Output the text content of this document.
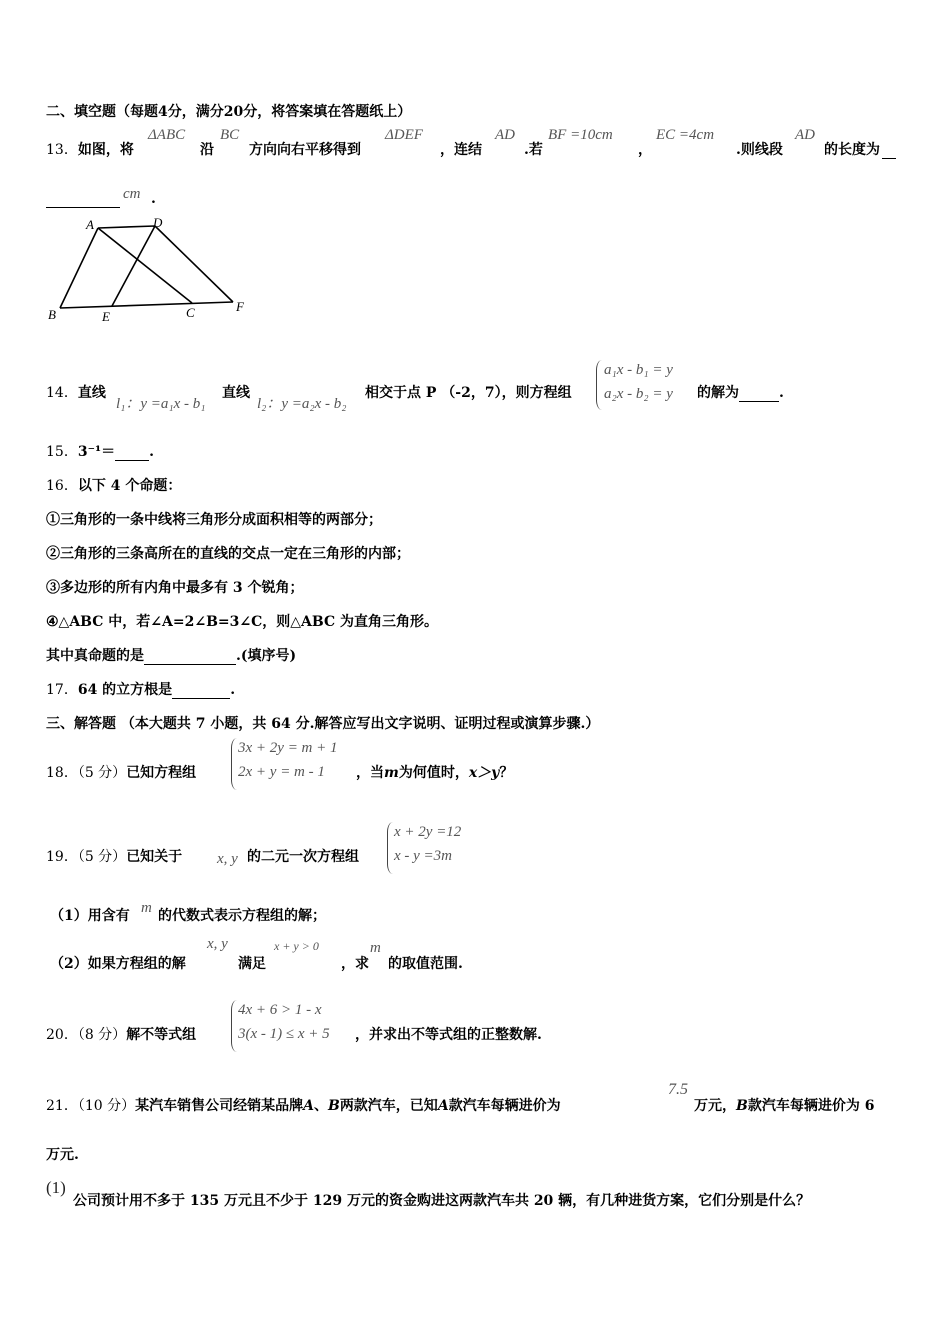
二、填空题（每题4分，满分20分，将答案填在答题纸上）
13．如图，将
ΔABC
沿
BC
方向向右平移得到
ΔDEF
，连结
AD
.若
BF =10cm
，
EC =4cm
.则线段
AD
的长度为
cm .
A	D
B	E	C	F
14．直线
l₁：y =a₁x - b₁
直线
l₂：y =a₂x - b₂
相交于点 P （-2，7），则方程组
a₁x - b₁ = y
a₂x - b₂ = y 的解为	.
15．3⁻¹＝ .
16．以下 4 个命题：
①三角形的一条中线将三角形分成面积相等的两部分；
②三角形的三条高所在的直线的交点一定在三角形的内部；
③多边形的所有内角中最多有 3 个锐角；
④△ABC 中，若∠A=2∠B=3∠C，则△ABC 为直角三角形。
其中真命题的是	.(填序号)
17．64 的立方根是	.
三、解答题 （本大题共 7 小题，共 64 分.解答应写出文字说明、证明过程或演算步骤.）
18．（5 分）已知方程组
3x + 2y = m + 1
2x + y = m - 1	，当m为何值时，x＞y？
19．（5 分）已知关于 x, y 的二元一次方程组
x + 2y =12
x - y =3m
（1）用含有 m 的代数式表示方程组的解；
（2）如果方程组的解
x, y
满足
x + y > 0
，求
m
的取值范围.
20．（8 分）解不等式组
4x + 6 > 1 - x
3(x - 1) ≤ x + 5 ，并求出不等式组的正整数解.
21．（10 分）某汽车销售公司经销某品牌A、B两款汽车，已知A款汽车每辆进价为
7.5
万元，B款汽车每辆进价为 6
万元.
(1)
公司预计用不多于 135 万元且不少于 129 万元的资金购进这两款汽车共 20 辆，有几种进货方案，它们分别是什么？
